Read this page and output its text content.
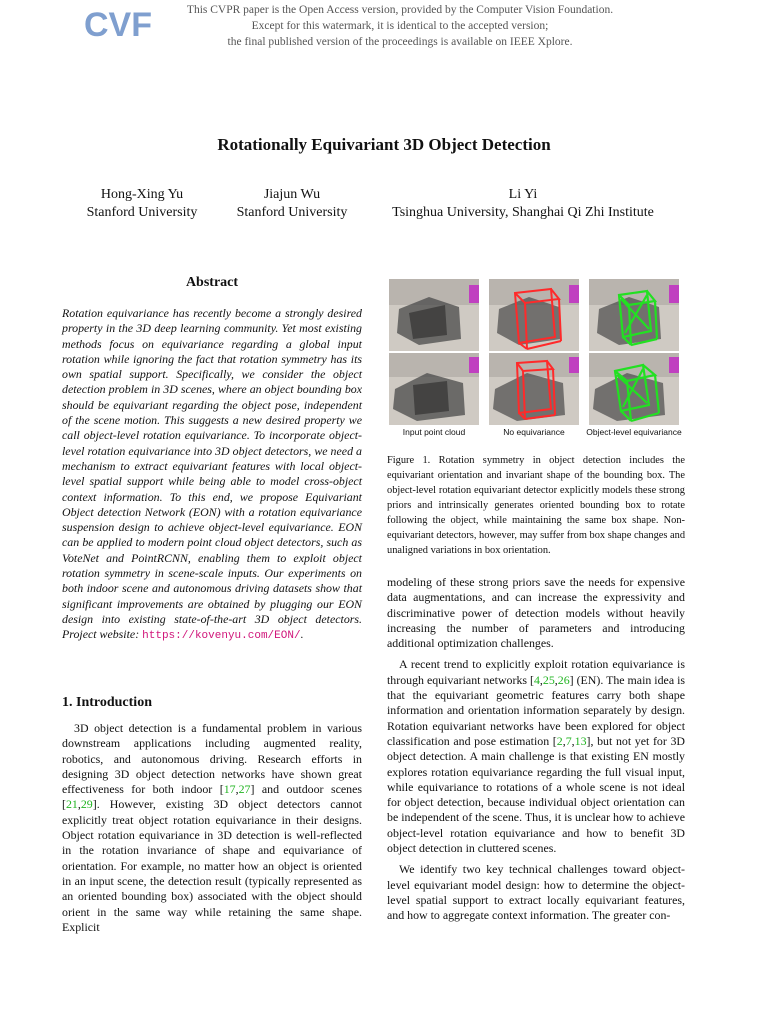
CVF	This CVPR paper is the Open Access version, provided by the Computer Vision Foundation.
Except for this watermark, it is identical to the accepted version;
the final published version of the proceedings is available on IEEE Xplore.
Rotationally Equivariant 3D Object Detection
Hong-Xing Yu
Stanford University
Jiajun Wu
Stanford University
Li Yi
Tsinghua University, Shanghai Qi Zhi Institute
Abstract
Rotation equivariance has recently become a strongly desired property in the 3D deep learning community. Yet most existing methods focus on equivariance regarding a global input rotation while ignoring the fact that rotation symmetry has its own spatial support. Specifically, we consider the object detection problem in 3D scenes, where an object bounding box should be equivariant regarding the object pose, independent of the scene motion. This suggests a new desired property we call object-level rotation equivariance. To incorporate object-level rotation equivariance into 3D object detectors, we need a mechanism to extract equivariant features with local object-level spatial support while being able to model cross-object context information. To this end, we propose Equivariant Object detection Network (EON) with a rotation equivariance suspension design to achieve object-level equivariance. EON can be applied to modern point cloud object detectors, such as VoteNet and PointRCNN, enabling them to exploit object rotation symmetry in scene-scale inputs. Our experiments on both indoor scene and autonomous driving datasets show that significant improvements are obtained by plugging our EON design into existing state-of-the-art 3D object detectors. Project website: https://kovenyu.com/EON/.
1. Introduction

3D object detection is a fundamental problem in various downstream applications including augmented reality, robotics, and autonomous driving. Research efforts in designing 3D object detection networks have shown great effectiveness for both indoor [17,27] and outdoor scenes [21,29]. However, existing 3D object detectors cannot explicitly treat object rotation equivariance in their designs. Object rotation equivariance in 3D detection is well-reflected in the rotation invariance of shape and equivariance of orientation. For example, no matter how an object is oriented in an input scene, the detection result (typically represented as an oriented bounding box) associated with the object should orient in the same way while retaining the same shape. Explicit

Input point cloud	No equivariance	Object-level equivariance
Figure 1. Rotation symmetry in object detection includes the equivariant orientation and invariant shape of the bounding box. The object-level rotation equivariant detector explicitly models these strong priors and intrinsically generates oriented bounding box to rotate following the object, while maintaining the same box shape. Non-equivariant detectors, however, may suffer from box shape changes and unaligned variations in box orientation.

modeling of these strong priors save the needs for expensive data augmentations, and can increase the expressivity and discriminative power of detection models without heavily increasing the number of parameters and introducing additional optimization challenges.

A recent trend to explicitly exploit rotation equivariance is through equivariant networks [4,25,26] (EN). The main idea is that the equivariant geometric features carry both shape information and orientation information separately by design. Rotation equivariant networks have been explored for object classification and pose estimation [2,7,13], but not yet for 3D object detection. A main challenge is that existing EN mostly explores rotation equivariance regarding the full visual input, while equivariance to rotations of a whole scene is not ideal for object detection, because individual object orientation can be independent of the scene. Thus, it is unclear how to achieve object-level rotation equivariance and how to benefit 3D object detection in cluttered scenes.

We identify two key technical challenges toward object-level equivariant model design: how to determine the object-level spatial support to extract locally equivariant features, and how to aggregate context information. The greater con-
